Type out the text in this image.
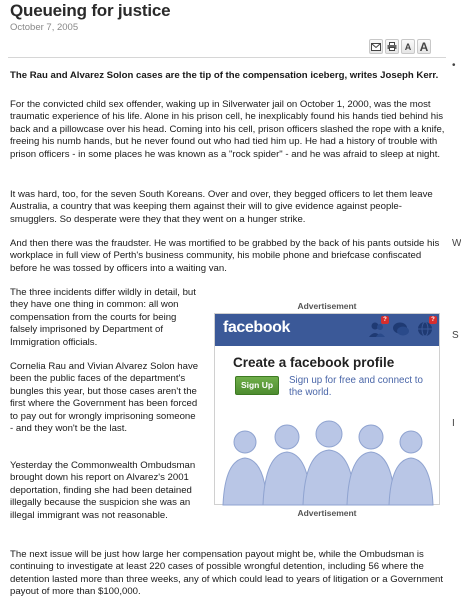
Queueing for justice
October 7, 2005
A A
The Rau and Alvarez Solon cases are the tip of the compensation iceberg, writes Joseph Kerr.
For the convicted child sex offender, waking up in Silverwater jail on October 1, 2000, was the most traumatic experience of his life. Alone in his prison cell, he inexplicably found his hands tied behind his back and a pillowcase over his head. Coming into his cell, prison officers slashed the rope with a knife, freeing his numb hands, but he never found out who had tied him up. He had a history of trouble with prison officers - in some places he was known as a "rock spider" - and he was afraid to sleep at night.
It was hard, too, for the seven South Koreans. Over and over, they begged officers to let them leave Australia, a country that was keeping them against their will to give evidence against people-smugglers. So desperate were they that they went on a hunger strike.
And then there was the fraudster. He was mortified to be grabbed by the back of his pants outside his workplace in full view of Perth's business community, his mobile phone and briefcase confiscated before he was tossed by officers into a waiting van.
The three incidents differ wildly in detail, but they have one thing in common: all won compensation from the courts for being falsely imprisoned by Department of Immigration officials.
Cornelia Rau and Vivian Alvarez Solon have been the public faces of the department's bungles this year, but those cases aren't the first where the Government has been forced to pay out for wrongly imprisoning someone - and they won't be the last.
Yesterday the Commonwealth Ombudsman brought down his report on Alvarez's 2001 deportation, finding she had been detained illegally because the suspicion she was an illegal immigrant was not reasonable.
The next issue will be just how large her compensation payout might be, while the Ombudsman is continuing to investigate at least 220 cases of possible wrongful detention, including 56 where the detention lasted more than three weeks, any of which could lead to years of litigation or a Government payout of more than $100,000.
Advertisement
facebook	?	?
Create a facebook profile
Sign Up	Sign up for free and connect to the world.
Advertisement
•
W
S
I
